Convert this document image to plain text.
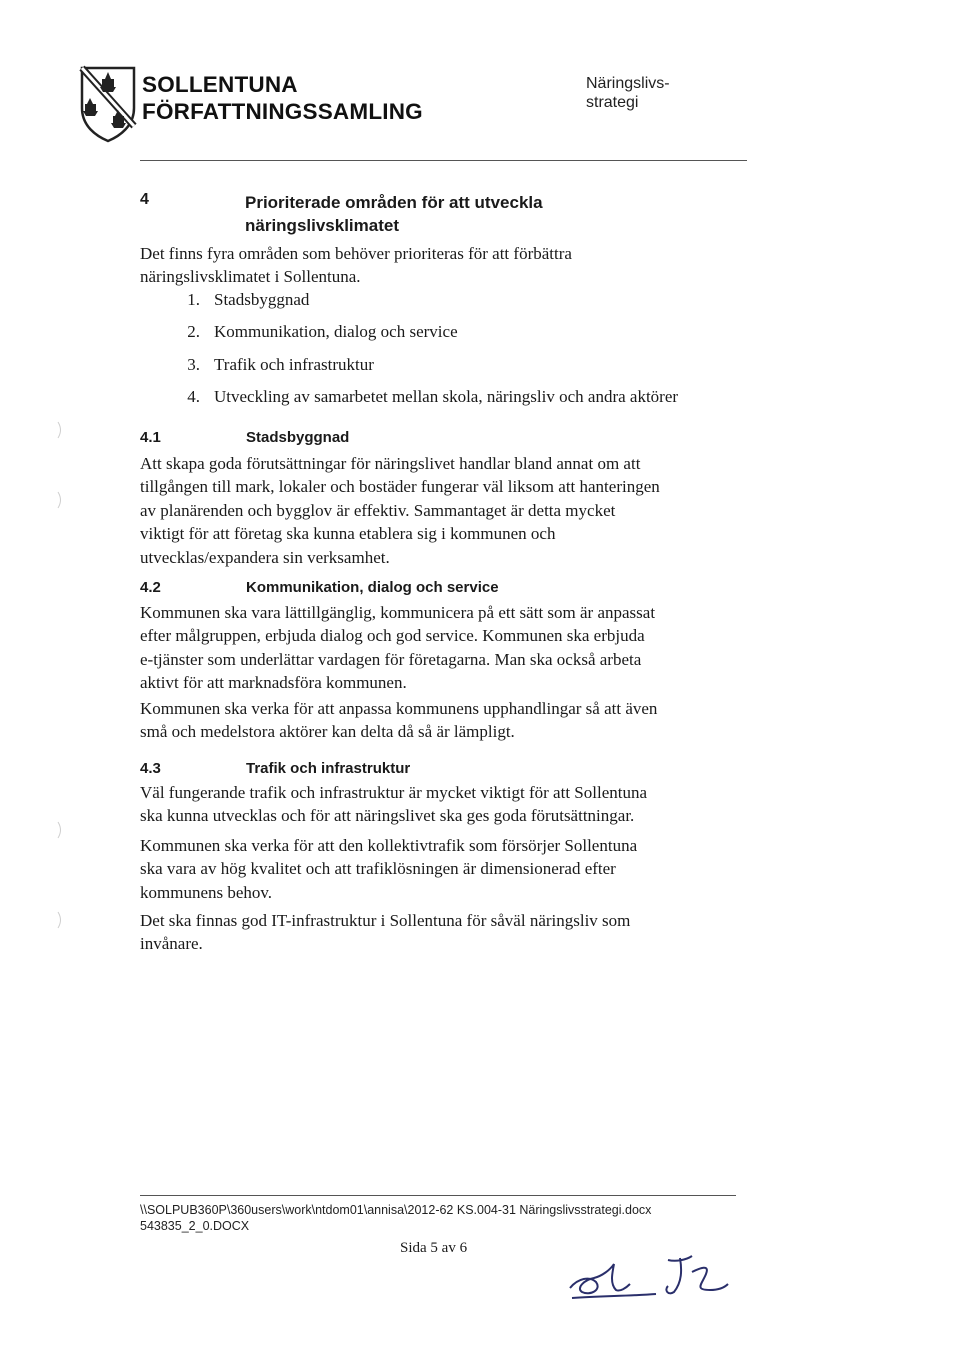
SOLLENTUNA
FÖRFATTNINGSSAMLING
Näringslivs-
strategi
4	Prioriterade områden för att utveckla
näringslivsklimatet
Det finns fyra områden som behöver prioriteras för att förbättra
näringslivsklimatet i Sollentuna.
1. Stadsbyggnad
2. Kommunikation, dialog och service
3. Trafik och infrastruktur
4. Utveckling av samarbetet mellan skola, näringsliv och andra aktörer
4.1	Stadsbyggnad
Att skapa goda förutsättningar för näringslivet handlar bland annat om att
tillgången till mark, lokaler och bostäder fungerar väl liksom att hanteringen
av planärenden och bygglov är effektiv. Sammantaget är detta mycket
viktigt för att företag ska kunna etablera sig i kommunen och
utvecklas/expandera sin verksamhet.
4.2	Kommunikation, dialog och service
Kommunen ska vara lättillgänglig, kommunicera på ett sätt som är anpassat
efter målgruppen, erbjuda dialog och god service. Kommunen ska erbjuda
e-tjänster som underlättar vardagen för företagarna. Man ska också arbeta
aktivt för att marknadsföra kommunen.
Kommunen ska verka för att anpassa kommunens upphandlingar så att även
små och medelstora aktörer kan delta då så är lämpligt.
4.3	Trafik och infrastruktur
Väl fungerande trafik och infrastruktur är mycket viktigt för att Sollentuna
ska kunna utvecklas och för att näringslivet ska ges goda förutsättningar.
Kommunen ska verka för att den kollektivtrafik som försörjer Sollentuna
ska vara av hög kvalitet och att trafiklösningen är dimensionerad efter
kommunens behov.
Det ska finnas god IT-infrastruktur i Sollentuna för såväl näringsliv som
invånare.
\\SOLPUB360P\360users\work\ntdom01\annisa\2012-62 KS.004-31 Näringslivsstrategi.docx
543835_2_0.DOCX
Sida 5 av 6
